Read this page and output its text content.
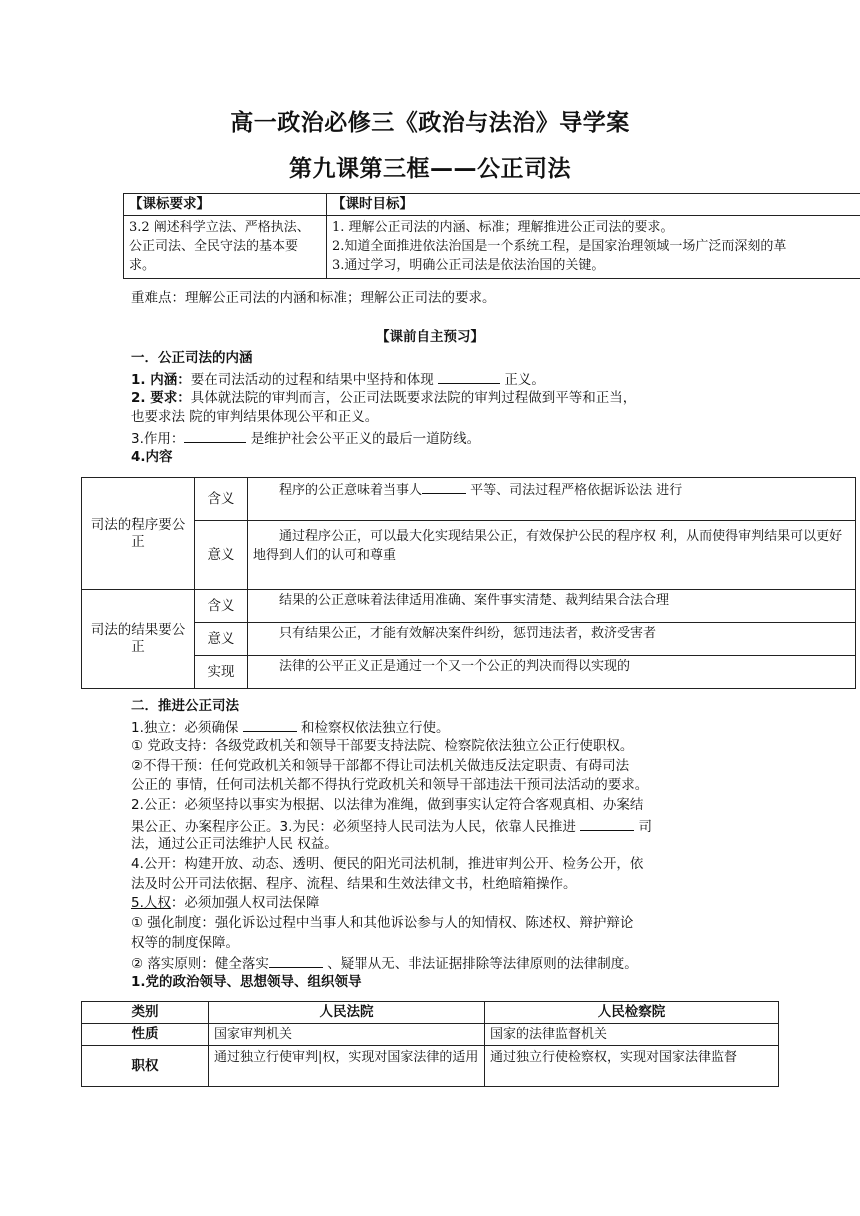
高一政治必修三《政治与法治》导学案
第九课第三框——公正司法
【课标要求】	【课时目标】
3.2 阐述科学立法、严格执法、公正司法、全民守法的基本要求。	1. 理解公正司法的内涵、标准；理解推进公正司法的要求。
2.知道全面推进依法治国是一个系统工程，是国家治理领域一场广泛而深刻的革
3.通过学习，明确公正司法是依法治国的关键。
重难点：理解公正司法的内涵和标准；理解公正司法的要求。
【课前自主预习】
一．公正司法的内涵
1. 内涵：要在司法活动的过程和结果中坚持和体现	正义。
2. 要求：具体就法院的审判而言，公正司法既要求法院的审判过程做到平等和正当，
也要求法 院的审判结果体现公平和正义。
3.作用：	是维护社会公平正义的最后一道防线。
4.内容
司法的程序要公正	含义	程序的公正意味着当事人 平等、司法过程严格依据诉讼法 进行
	意义	通过程序公正，可以最大化实现结果公正，有效保护公民的程序权 利，从而使得审判结果可以更好地得到人们的认可和尊重
司法的结果要公正	含义	结果的公正意味着法律适用准确、案件事实清楚、裁判结果合法合理
	意义	只有结果公正，才能有效解决案件纠纷，惩罚违法者，救济受害者
	实现	法律的公平正义正是通过一个又一个公正的判决而得以实现的
二．推进公正司法
1.独立：必须确保	和检察权依法独立行使。
① 党政支持：各级党政机关和领导干部要支持法院、检察院依法独立公正行使职权。
②不得干预：任何党政机关和领导干部都不得让司法机关做违反法定职责、有碍司法
公正的 事情，任何司法机关都不得执行党政机关和领导干部违法干预司法活动的要求。
2.公正：必须坚持以事实为根据、以法律为准绳，做到事实认定符合客观真相、办案结
果公正、办案程序公正。3.为民：必须坚持人民司法为人民，依靠人民推进	司
法，通过公正司法维护人民 权益。
4.公开：构建开放、动态、透明、便民的阳光司法机制，推进审判公开、检务公开，依
法及时公开司法依据、程序、流程、结果和生效法律文书，杜绝暗箱操作。
5.人权：必须加强人权司法保障
① 强化制度：强化诉讼过程中当事人和其他诉讼参与人的知情权、陈述权、辩护辩论
权等的制度保障。
② 落实原则：健全落实	、疑罪从无、非法证据排除等法律原则的法律制度。
1.党的政治领导、思想领导、组织领导
类别	人民法院	人民检察院
性质	国家审判机关	国家的法律监督机关
职权	通过独立行使审判|权，实现对国家法律的适用	通过独立行使检察权，实现对国家法律监督
